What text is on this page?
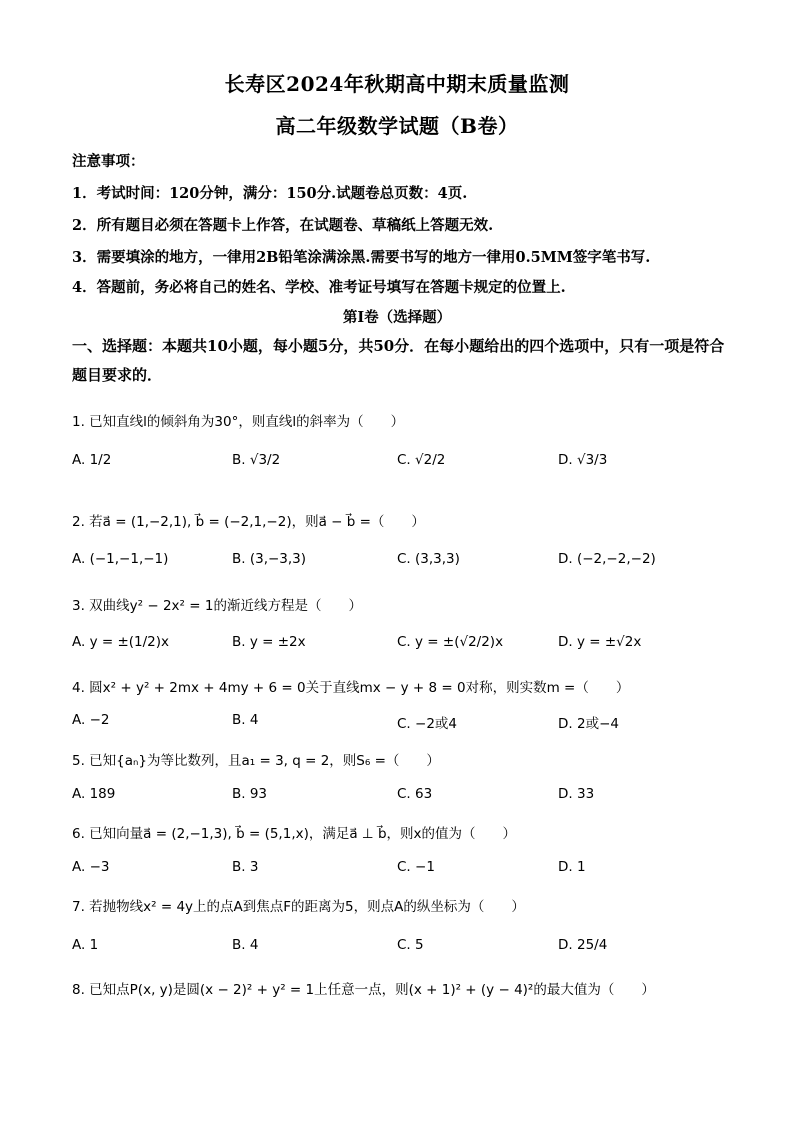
长寿区2024年秋期高中期末质量监测
高二年级数学试题（B卷）
注意事项：
1．考试时间：120分钟，满分：150分.试题卷总页数：4页.
2．所有题目必须在答题卡上作答，在试题卷、草稿纸上答题无效.
3．需要填涂的地方，一律用2B铅笔涂满涂黑.需要书写的地方一律用0.5MM签字笔书写.
4．答题前，务必将自己的姓名、学校、准考证号填写在答题卡规定的位置上.
第Ⅰ卷（选择题）
一、选择题：本题共10小题，每小题5分，共50分．在每小题给出的四个选项中，只有一项是符合题目要求的．
1. 已知直线l的倾斜角为30°，则直线l的斜率为（　　）
A. 1/2	B. √3/2	C. √2/2	D. √3/3
2. 若a⃗ = (1,−2,1), b⃗ = (−2,1,−2)，则a⃗ − b⃗ =（　　）
A. (−1,−1,−1)	B. (3,−3,3)	C. (3,3,3)	D. (−2,−2,−2)
3. 双曲线y² − 2x² = 1的渐近线方程是（　　）
A. y = ±(1/2)x	B. y = ±2x	C. y = ±(√2/2)x	D. y = ±√2x
4. 圆x² + y² + 2mx + 4my + 6 = 0关于直线mx − y + 8 = 0对称，则实数m =（　　）
A. −2	B. 4	C. −2或4	D. 2或−4
5. 已知{aₙ}为等比数列，且a₁ = 3, q = 2，则S₆ =（　　）
A. 189	B. 93	C. 63	D. 33
6. 已知向量a⃗ = (2,−1,3), b⃗ = (5,1,x)，满足a⃗ ⊥ b⃗，则x的值为（　　）
A. −3	B. 3	C. −1	D. 1
7. 若抛物线x² = 4y上的点A到焦点F的距离为5，则点A的纵坐标为（　　）
A. 1	B. 4	C. 5	D. 25/4
8. 已知点P(x, y)是圆(x − 2)² + y² = 1上任意一点，则(x + 1)² + (y − 4)²的最大值为（　　）
